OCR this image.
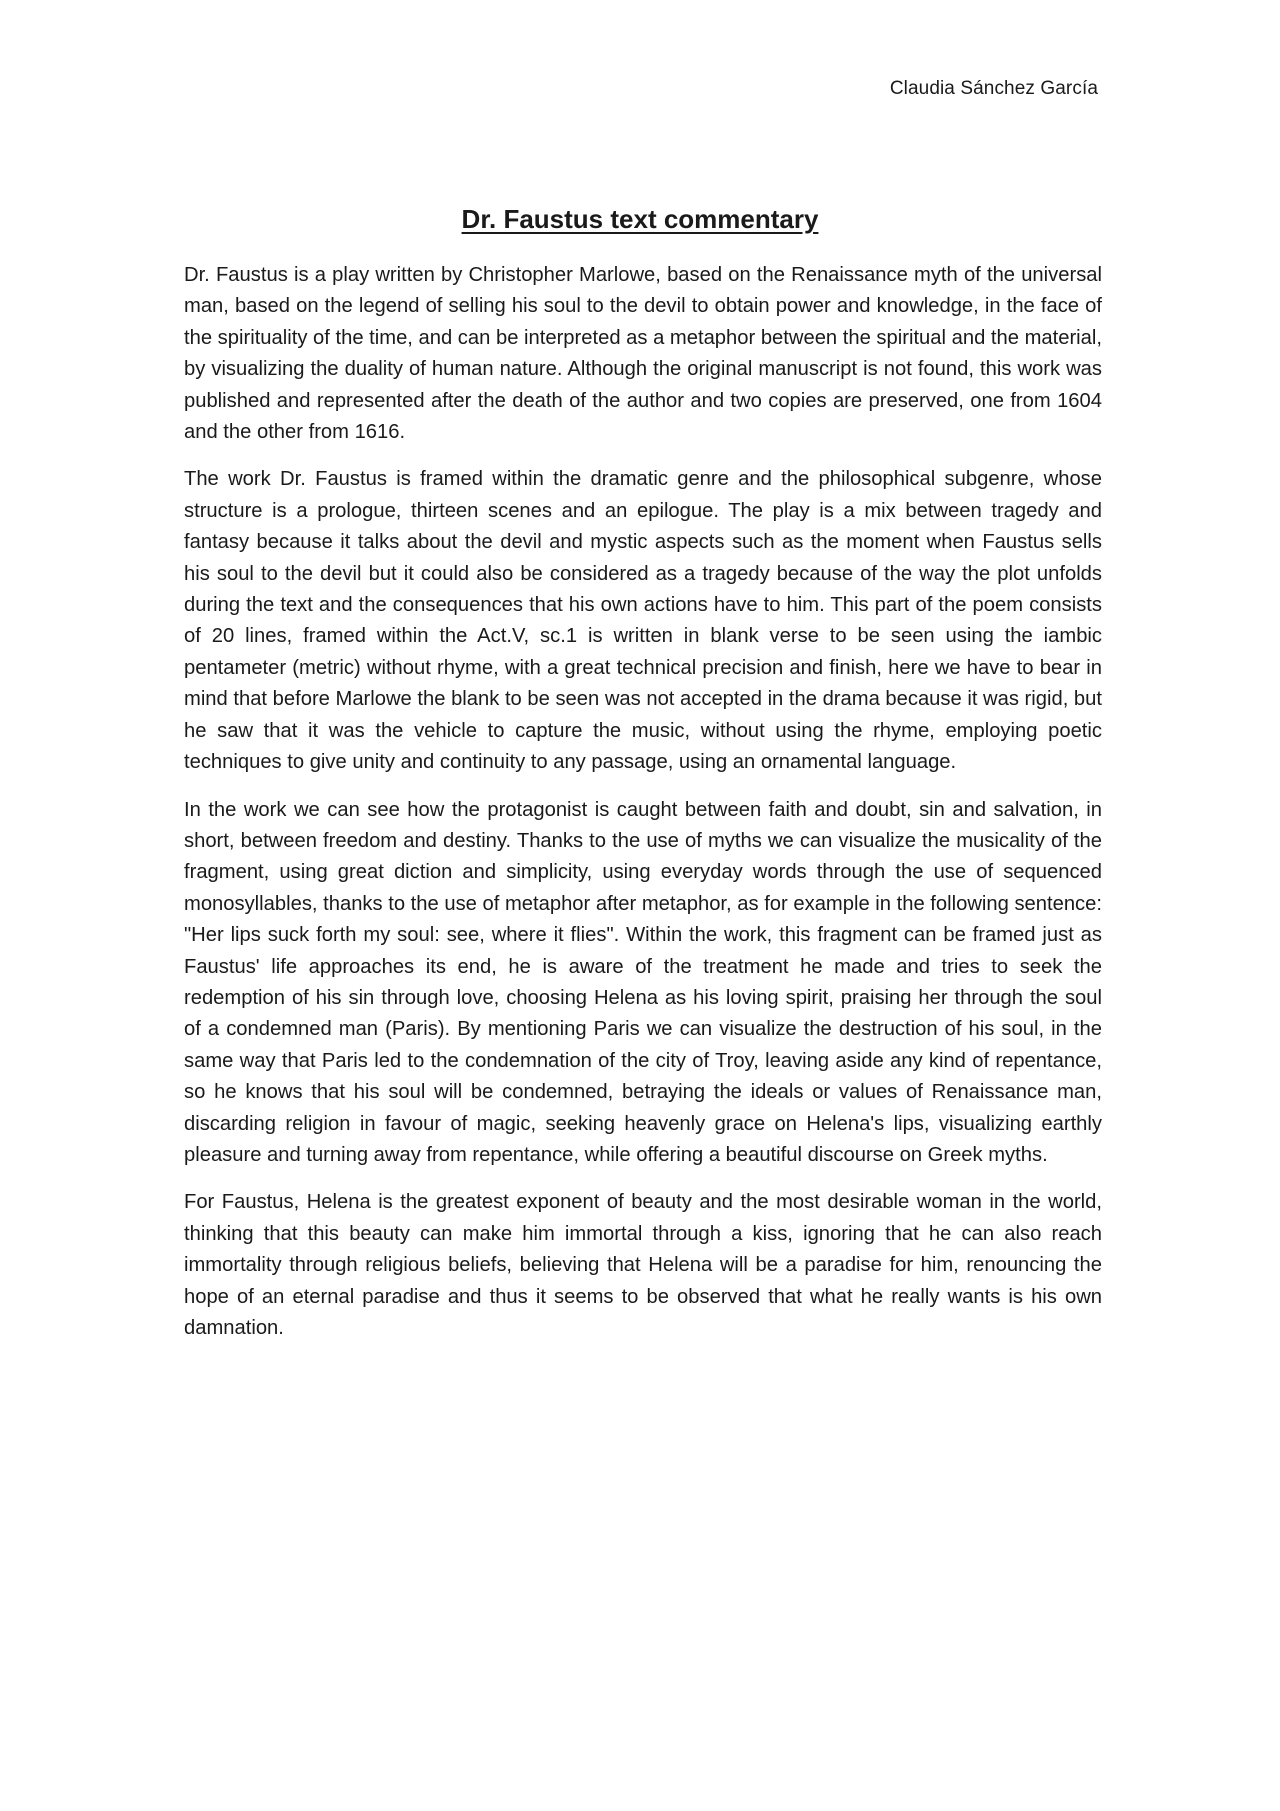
Claudia Sánchez García
Dr. Faustus text commentary

Dr. Faustus is a play written by Christopher Marlowe, based on the Renaissance myth of the universal man, based on the legend of selling his soul to the devil to obtain power and knowledge, in the face of the spirituality of the time, and can be interpreted as a metaphor between the spiritual and the material, by visualizing the duality of human nature. Although the original manuscript is not found, this work was published and represented after the death of the author and two copies are preserved, one from 1604 and the other from 1616.

The work Dr. Faustus is framed within the dramatic genre and the philosophical subgenre, whose structure is a prologue, thirteen scenes and an epilogue. The play is a mix between tragedy and fantasy because it talks about the devil and mystic aspects such as the moment when Faustus sells his soul to the devil but it could also be considered as a tragedy because of the way the plot unfolds during the text and the consequences that his own actions have to him. This part of the poem consists of 20 lines, framed within the Act.V, sc.1 is written in blank verse to be seen using the iambic pentameter (metric) without rhyme, with a great technical precision and finish, here we have to bear in mind that before Marlowe the blank to be seen was not accepted in the drama because it was rigid, but he saw that it was the vehicle to capture the music, without using the rhyme, employing poetic techniques to give unity and continuity to any passage, using an ornamental language.

In the work we can see how the protagonist is caught between faith and doubt, sin and salvation, in short, between freedom and destiny. Thanks to the use of myths we can visualize the musicality of the fragment, using great diction and simplicity, using everyday words through the use of sequenced monosyllables, thanks to the use of metaphor after metaphor, as for example in the following sentence: "Her lips suck forth my soul: see, where it flies". Within the work, this fragment can be framed just as Faustus' life approaches its end, he is aware of the treatment he made and tries to seek the redemption of his sin through love, choosing Helena as his loving spirit, praising her through the soul of a condemned man (Paris). By mentioning Paris we can visualize the destruction of his soul, in the same way that Paris led to the condemnation of the city of Troy, leaving aside any kind of repentance, so he knows that his soul will be condemned, betraying the ideals or values of Renaissance man, discarding religion in favour of magic, seeking heavenly grace on Helena's lips, visualizing earthly pleasure and turning away from repentance, while offering a beautiful discourse on Greek myths.

For Faustus, Helena is the greatest exponent of beauty and the most desirable woman in the world, thinking that this beauty can make him immortal through a kiss, ignoring that he can also reach immortality through religious beliefs, believing that Helena will be a paradise for him, renouncing the hope of an eternal paradise and thus it seems to be observed that what he really wants is his own damnation.
